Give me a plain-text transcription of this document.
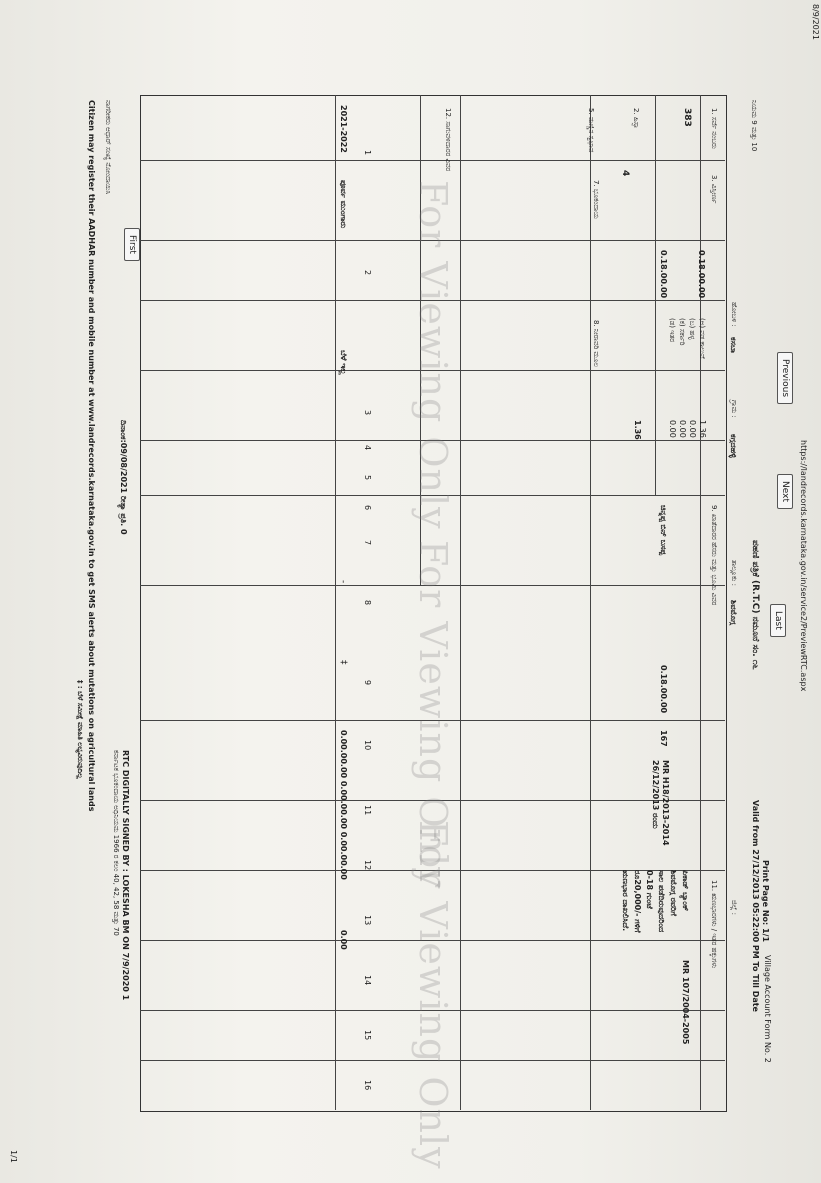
8/9/2021
https://landrecords.karnataka.gov.in/service2/PreviewRTC.aspx
1/1
First
Previous
Next
Last
ಪಹಣಿ ಪತ್ರಿಕೆ (R.T.C) ನಮೂನೆ ಸಂ. ೧೬
Print Page No: 1/1
Village Account Form No. 2
Valid from 27/12/2013 05:22:00 PM To Till Date
ನಿಯಮ 9 ಮತ್ತು 10
ಹೋಬಳಿ :
ಕಸಬಾ
ಗ್ರಾಮ :
ಕಗ್ಗದಹಳ್ಳಿ
ತಾಲ್ಲೂಕು :
ಶಿವಮೊಗ್ಗ
ಜಿಲ್ಲೆ :
1. ಸರ್ವೆ ನಂಬರು
383
2. ಹಿಸ್ಸಾ
4
3. ವಿಸ್ತೀರ್ಣ
0.18.00.00
0.18.00.00
(ಅ) ಪಡ ಕಾಲುವೆ
(ಬ) ಹಳ್ಳ
(ಕ) ಸರ್ಕಾರಿ
(ಡ) ಇತರ
1.36
0.00
0.00
0.00
1.36
5. ಮಣ್ಣಿನ ಸ್ವಭಾವ
7. ಭೂಕಂದಾಯ
8. ನೀರಾವರಿ ಮೂಲ
9. ಖಾತೆದಾರರ ಹೆಸರು ಮತ್ತು ಭೂಮಿ ವಿವರ
ಚಿನ್ನಪ್ಪ ಬಿನ್ ಬಸಪ್ಪ
0.18.00.00
167
MR H18/2013-2014
26/12/2013 ರಂದು
11. ಋಣಭಾರಗಳು / ಇತರ ಹಕ್ಕುಗಳು
MR 107/2004-2005
ಪಿಕಾಡ್ ಬ್ಯಾಂಕ್
ಶಿವಮೊಗ್ಗ ರವರಿಗೆ
ಸಾಲ ಪಡೆದಿರುವುದರಿಂದ
0-18 ಗುಂಟೆ
ರೂ20,000/- ಗಳಿಗೆ
ಋಣಭಾರ ದಾಖಲಿಸಿದೆ.
12. ಸಾಗುವಳಿದಾರರ ವಿವರ
1
2
3
4
5
6
7
8
9
10
11
12
13
14
15
16
2021-2022
ಪೂರ್ವ ಮುಂಗಾರು
ಬೆಳೆ ಇಲ್ಲ
-
‡
0.00.00.00 0.00.00.00 0.00.00.00
0.00
RTC DIGITALLY SIGNED BY : LOKESHA BM ON 7/9/2020 1
ಕರ್ನಾಟಕ ಭೂಕಂದಾಯ ಅಧಿನಿಯಮ 1966 ರ ಕಲಂ 40, 42, 58 ಮತ್ತು 70
ದಿನಾಂಕ:09/08/2021 ರೀತ್ಯಾ ಪ್ರತಿ. 0
ನಾಗರೀಕರು ಆಧಾರ್ ಸಂಖ್ಯೆ ನೋಂದಾಯಿಸಿ
Citizen may register their AADHAR number and mobile number at www.landrecords.karnataka.gov.in to get SMS alerts about mutations on agricultural lands
‡ : ಬೆಳೆ ಸಮೀಕ್ಷೆ ಮಾಹಿತಿ ಲಭ್ಯವಿರುವುದಿಲ್ಲ
For Viewing Only
For Viewing Only
For Viewing Only
